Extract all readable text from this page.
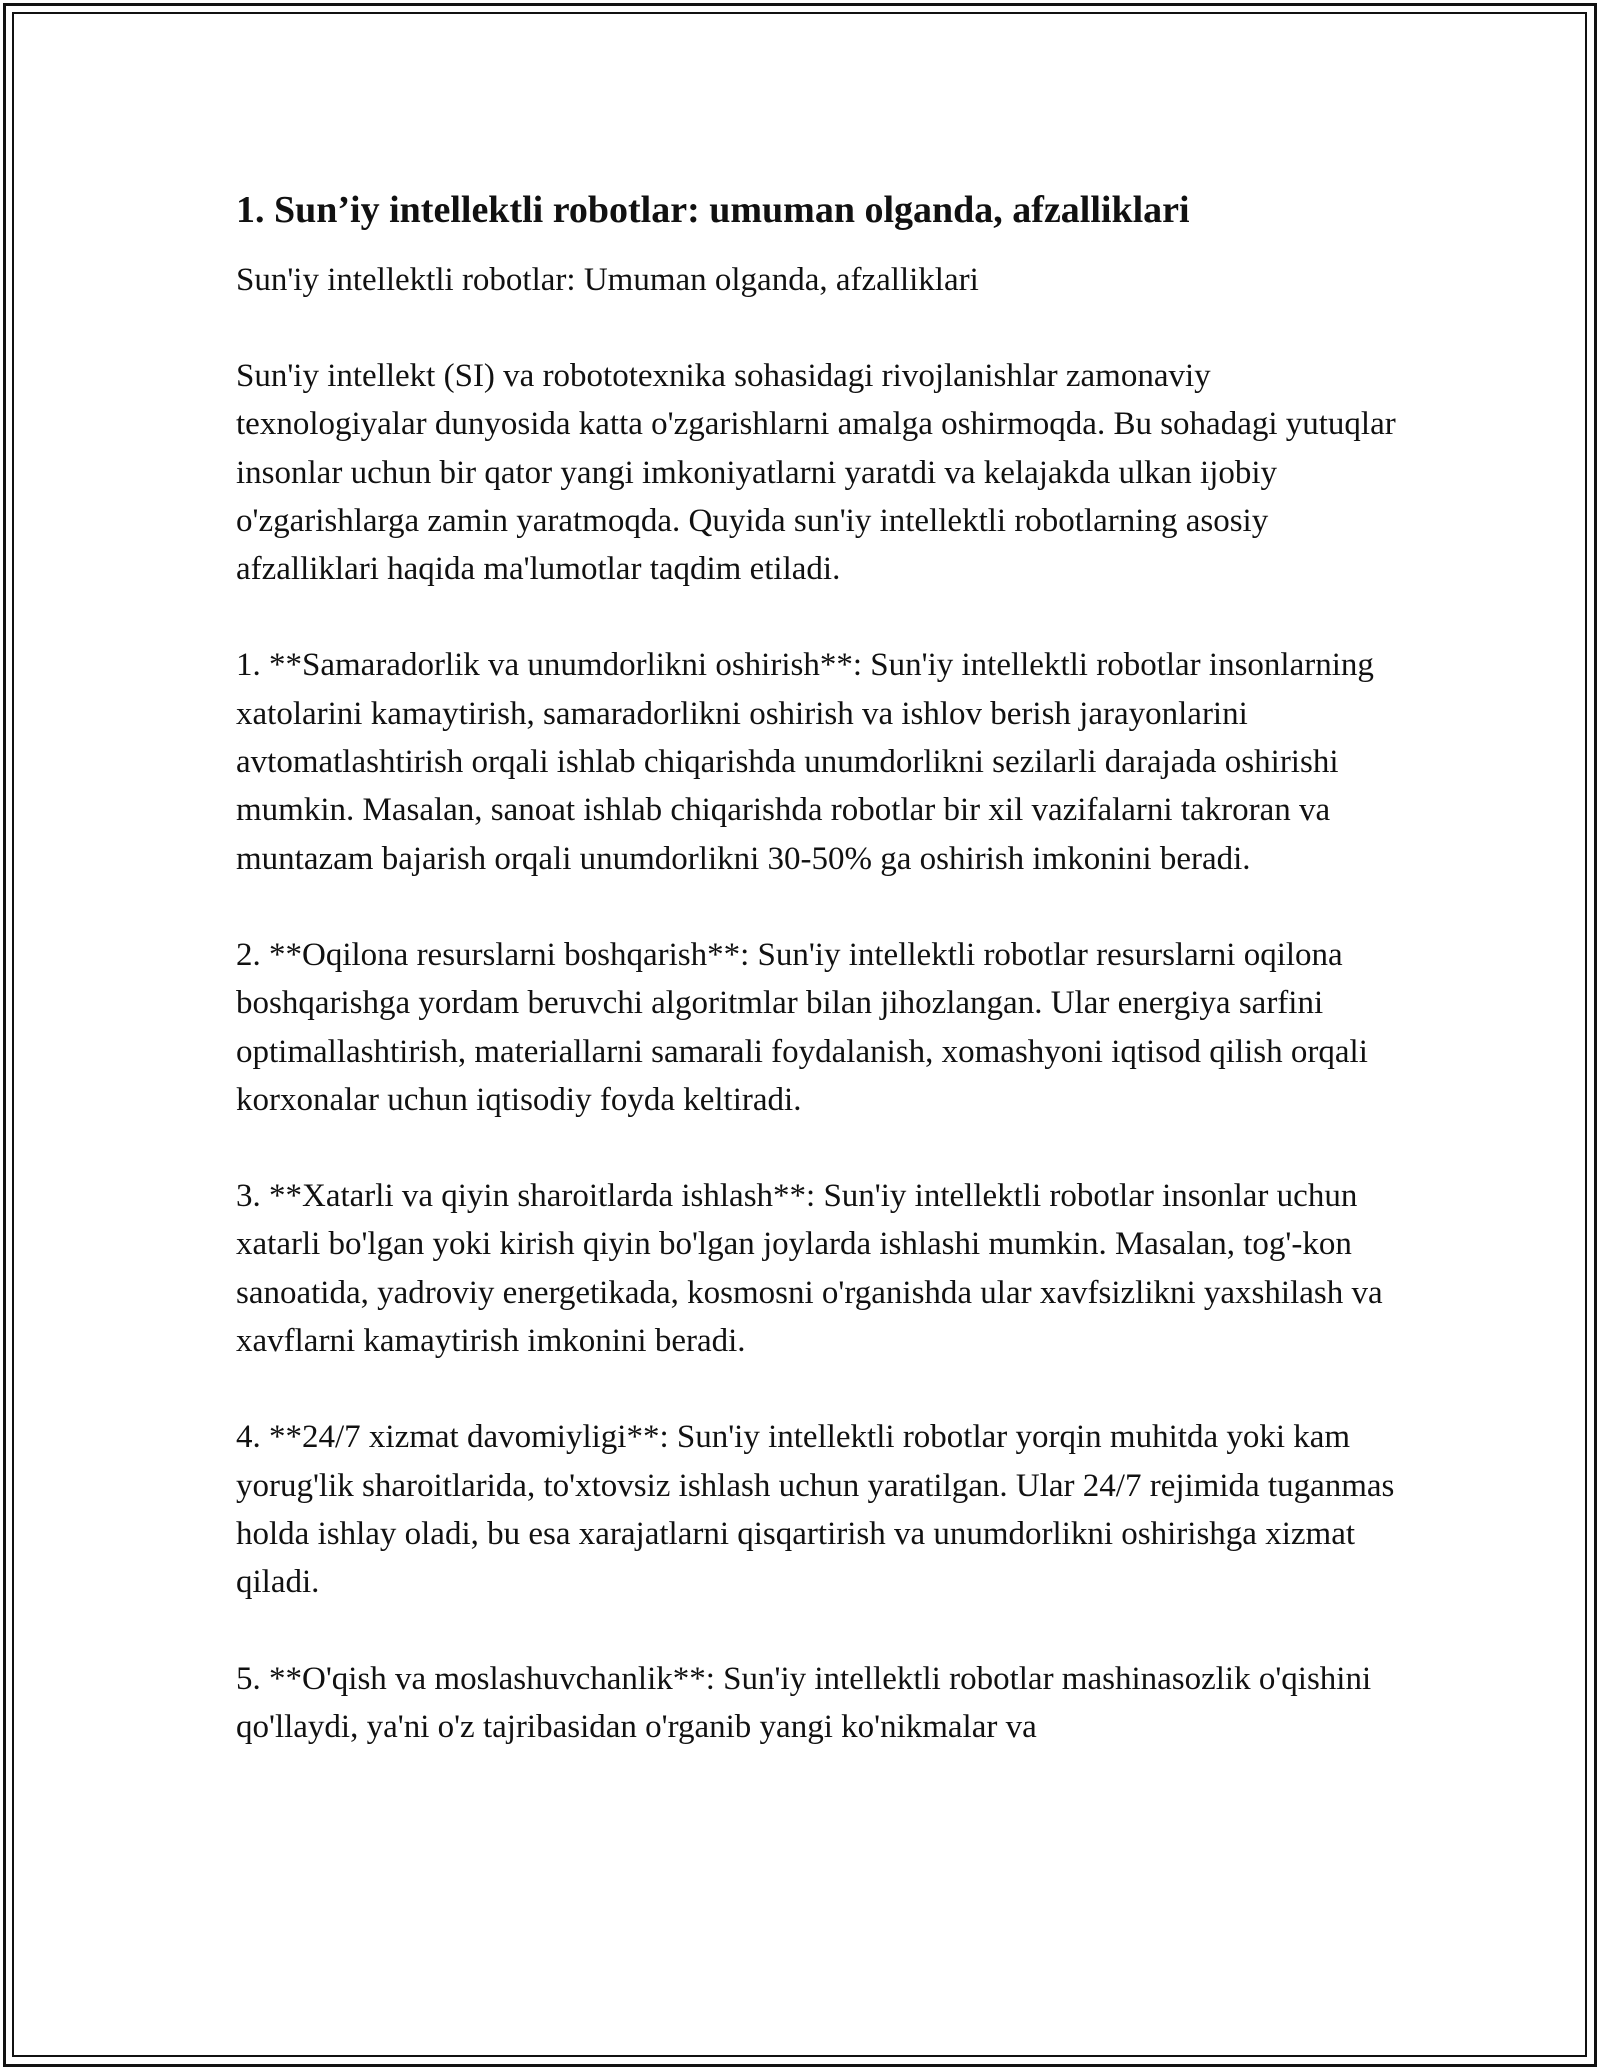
1. Sun’iy intellektli robotlar: umuman olganda, afzalliklari

Sun'iy intellektli robotlar: Umuman olganda, afzalliklari

Sun'iy intellekt (SI) va robototexnika sohasidagi rivojlanishlar zamonaviy texnologiyalar dunyosida katta o'zgarishlarni amalga oshirmoqda. Bu sohadagi yutuqlar insonlar uchun bir qator yangi imkoniyatlarni yaratdi va kelajakda ulkan ijobiy o'zgarishlarga zamin yaratmoqda. Quyida sun'iy intellektli robotlarning asosiy afzalliklari haqida ma'lumotlar taqdim etiladi.

1. **Samaradorlik va unumdorlikni oshirish**: Sun'iy intellektli robotlar insonlarning xatolarini kamaytirish, samaradorlikni oshirish va ishlov berish jarayonlarini avtomatlashtirish orqali ishlab chiqarishda unumdorlikni sezilarli darajada oshirishi mumkin. Masalan, sanoat ishlab chiqarishda robotlar bir xil vazifalarni takroran va muntazam bajarish orqali unumdorlikni 30-50% ga oshirish imkonini beradi.

2. **Oqilona resurslarni boshqarish**: Sun'iy intellektli robotlar resurslarni oqilona boshqarishga yordam beruvchi algoritmlar bilan jihozlangan. Ular energiya sarfini optimallashtirish, materiallarni samarali foydalanish, xomashyoni iqtisod qilish orqali korxonalar uchun iqtisodiy foyda keltiradi.

3. **Xatarli va qiyin sharoitlarda ishlash**: Sun'iy intellektli robotlar insonlar uchun xatarli bo'lgan yoki kirish qiyin bo'lgan joylarda ishlashi mumkin. Masalan, tog'-kon sanoatida, yadroviy energetikada, kosmosni o'rganishda ular xavfsizlikni yaxshilash va xavflarni kamaytirish imkonini beradi.

4. **24/7 xizmat davomiyligi**: Sun'iy intellektli robotlar yorqin muhitda yoki kam yorug'lik sharoitlarida, to'xtovsiz ishlash uchun yaratilgan. Ular 24/7 rejimida tuganmas holda ishlay oladi, bu esa xarajatlarni qisqartirish va unumdorlikni oshirishga xizmat qiladi.

5. **O'qish va moslashuvchanlik**: Sun'iy intellektli robotlar mashinasozlik o'qishini qo'llaydi, ya'ni o'z tajribasidan o'rganib yangi ko'nikmalar va
